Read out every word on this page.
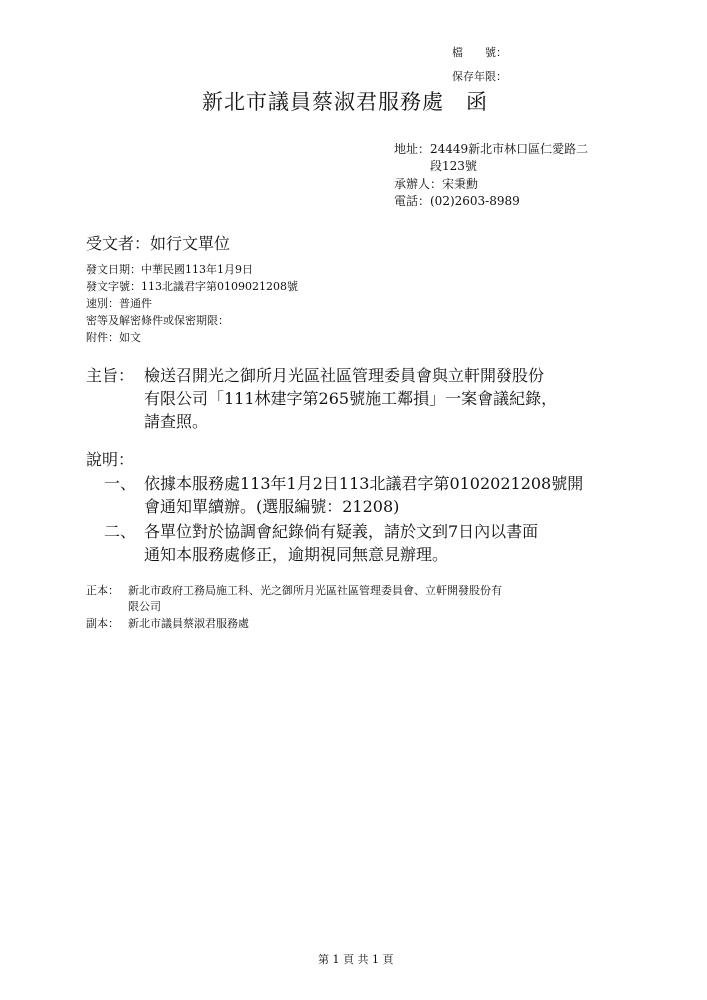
檔　　號：
保存年限：
新北市議員蔡淑君服務處　函
地址：24449新北市林口區仁愛路二
段123號
承辦人：宋秉勳
電話：(02)2603-8989
受文者：如行文單位
發文日期：中華民國113年1月9日
發文字號：113北議君字第0109021208號
速別：普通件
密等及解密條件或保密期限：
附件：如文
主旨： 檢送召開光之御所月光區社區管理委員會與立軒開發股份
有限公司「111林建字第265號施工鄰損」一案會議紀錄，
請查照。
說明：
一、 依據本服務處113年1月2日113北議君字第0102021208號開
會通知單續辦。(選服編號：21208)
二、 各單位對於協調會紀錄倘有疑義，請於文到7日內以書面
通知本服務處修正，逾期視同無意見辦理。
正本： 新北市政府工務局施工科、光之御所月光區社區管理委員會、立軒開發股份有
限公司
副本： 新北市議員蔡淑君服務處
第 1 頁 共 1 頁
